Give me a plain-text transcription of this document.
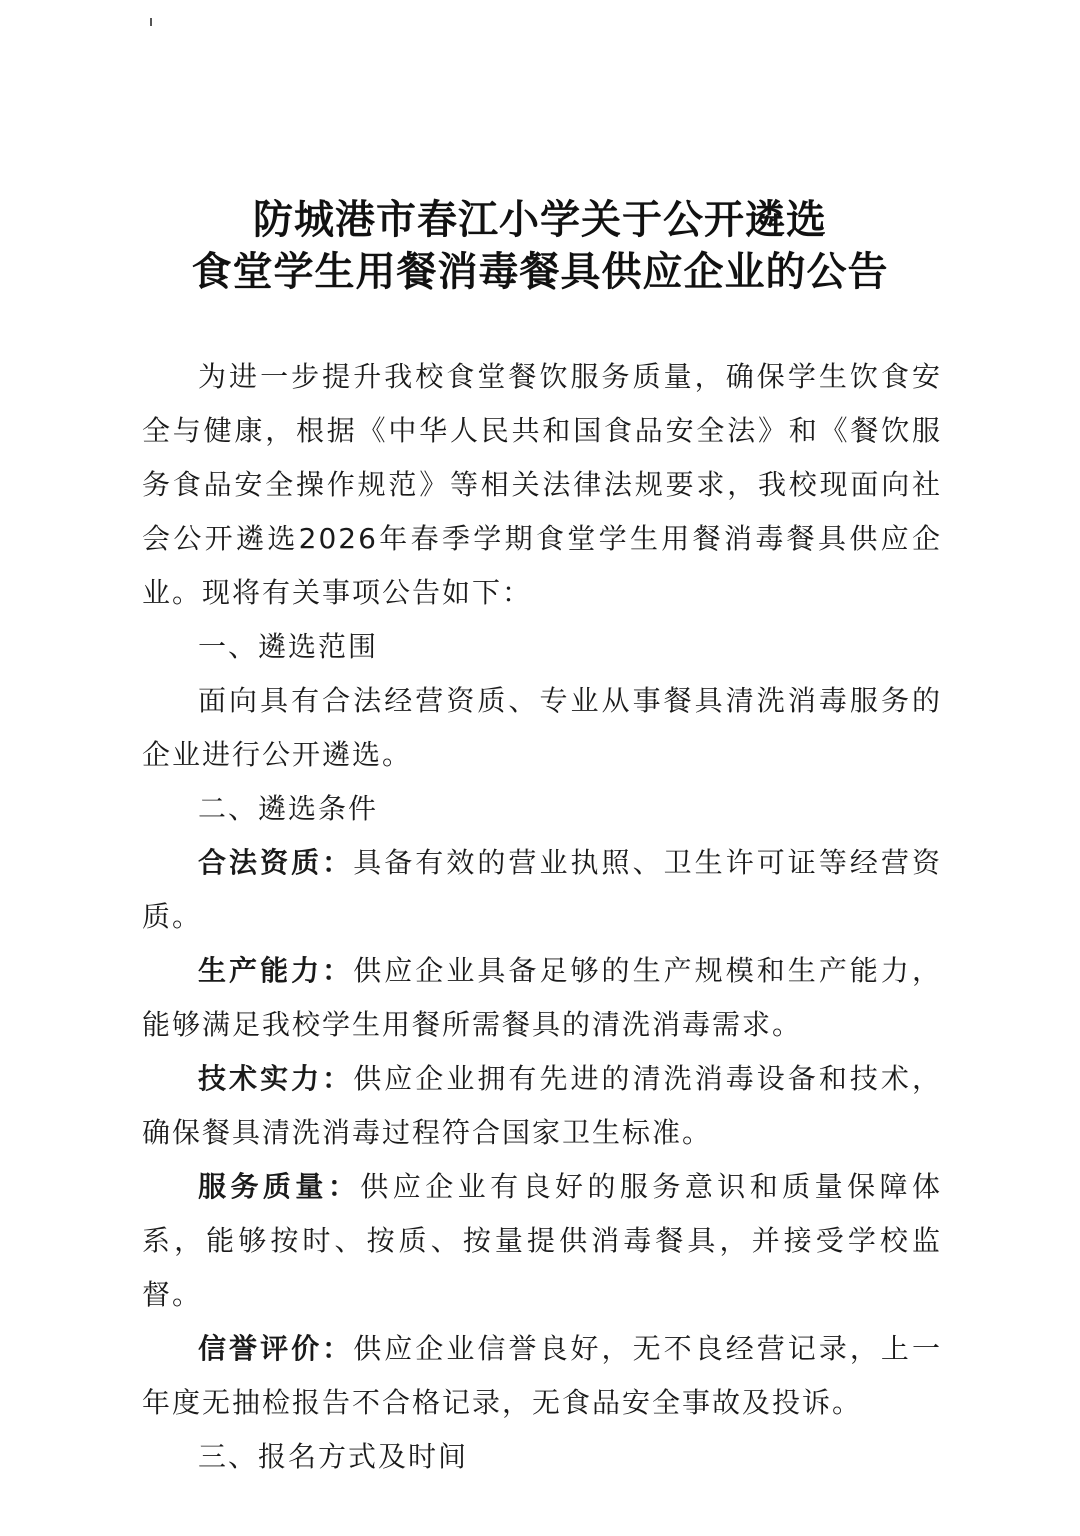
防城港市春江小学关于公开遴选
食堂学生用餐消毒餐具供应企业的公告

为进一步提升我校食堂餐饮服务质量，确保学生饮食安全与健康，根据《中华人民共和国食品安全法》和《餐饮服务食品安全操作规范》等相关法律法规要求，我校现面向社会公开遴选2026年春季学期食堂学生用餐消毒餐具供应企业。现将有关事项公告如下：

一、遴选范围

面向具有合法经营资质、专业从事餐具清洗消毒服务的企业进行公开遴选。

二、遴选条件

合法资质：具备有效的营业执照、卫生许可证等经营资质。

生产能力：供应企业具备足够的生产规模和生产能力，能够满足我校学生用餐所需餐具的清洗消毒需求。

技术实力：供应企业拥有先进的清洗消毒设备和技术，确保餐具清洗消毒过程符合国家卫生标准。

服务质量：供应企业有良好的服务意识和质量保障体系，能够按时、按质、按量提供消毒餐具，并接受学校监督。

信誉评价：供应企业信誉良好，无不良经营记录，上一年度无抽检报告不合格记录，无食品安全事故及投诉。

三、报名方式及时间
